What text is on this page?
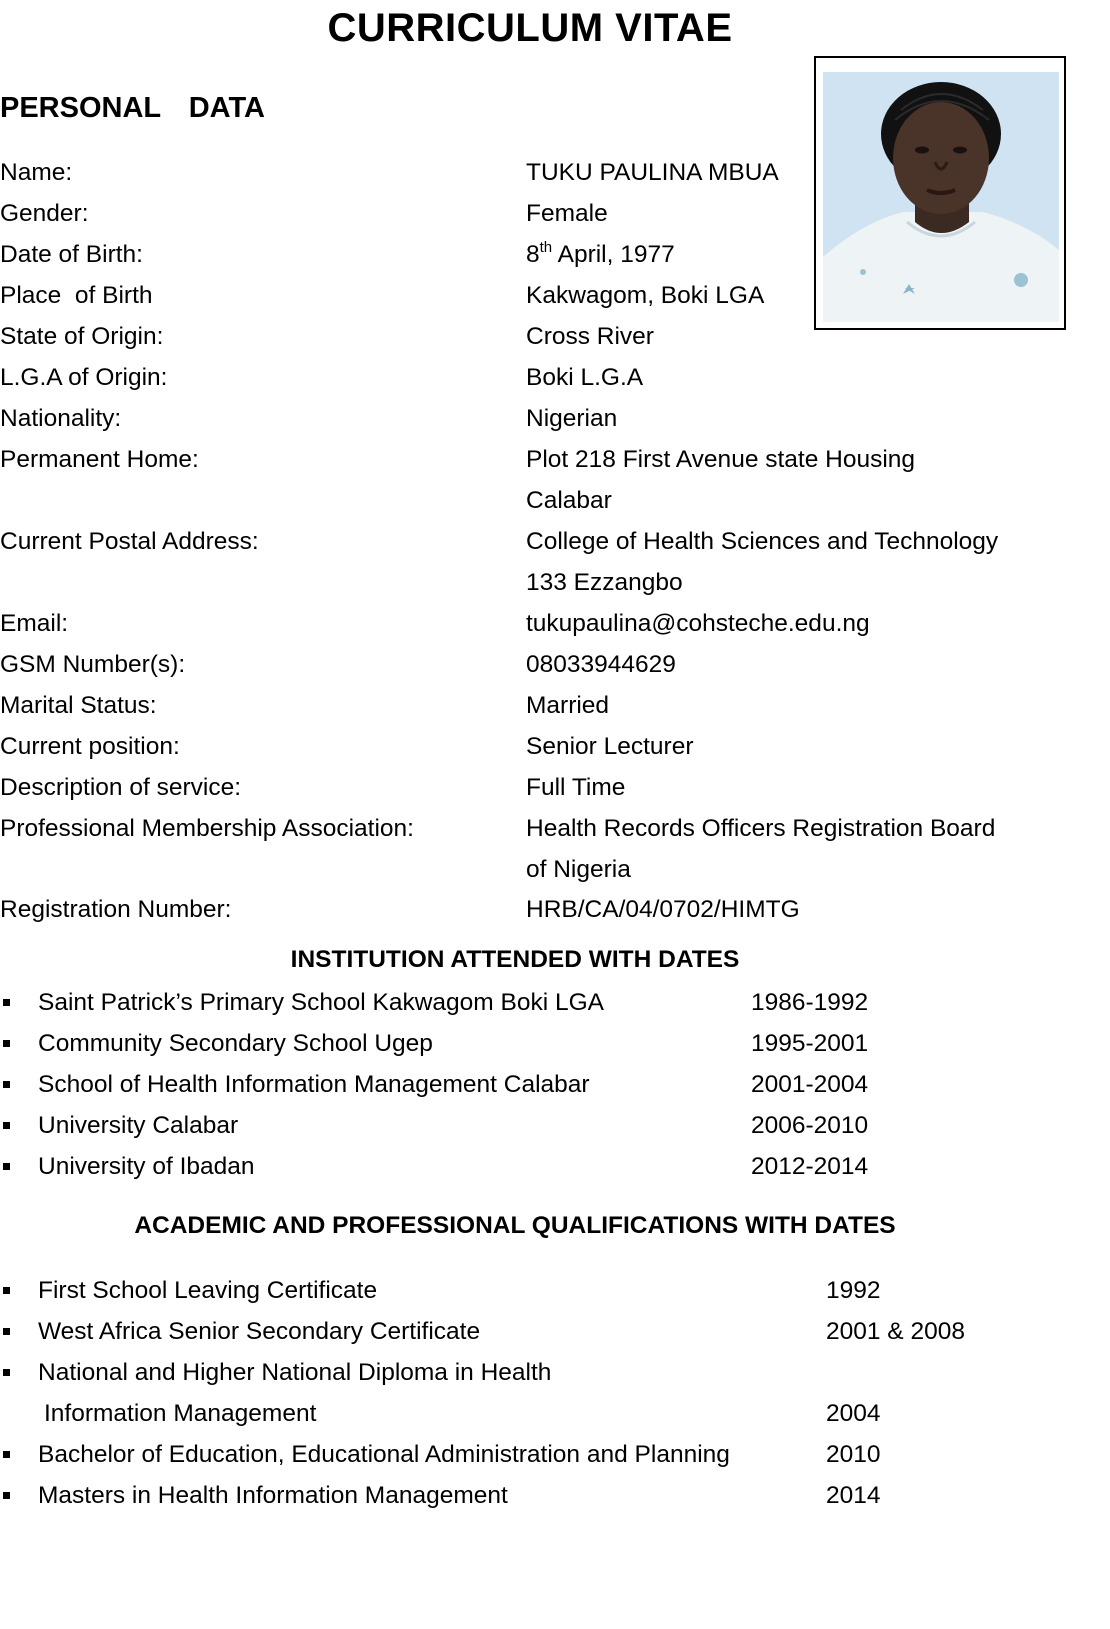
CURRICULUM VITAE
PERSONAL  DATA
Name:	TUKU PAULINA MBUA
Gender:	Female
Date of Birth:	8th April, 1977
Place  of Birth	Kakwagom, Boki LGA
State of Origin:	Cross River
L.G.A of Origin:	Boki L.G.A
Nationality:	Nigerian
Permanent Home:	Plot 218 First Avenue state Housing
Calabar
Current Postal Address:	College of Health Sciences and Technology
133 Ezzangbo
Email:	tukupaulina@cohsteche.edu.ng
GSM Number(s):	08033944629
Marital Status:	Married
Current position:	Senior Lecturer
Description of service:	Full Time
Professional Membership Association:	Health Records Officers Registration Board
of Nigeria
Registration Number:	HRB/CA/04/0702/HIMTG
INSTITUTION ATTENDED WITH DATES
Saint Patrick’s Primary School Kakwagom Boki LGA	1986-1992
Community Secondary School Ugep	1995-2001
School of Health Information Management Calabar	2001-2004
University Calabar	2006-2010
University of Ibadan	2012-2014
ACADEMIC AND PROFESSIONAL QUALIFICATIONS WITH DATES
First School Leaving Certificate	1992
West Africa Senior Secondary Certificate	2001 & 2008
National and Higher National Diploma in Health
Information Management	2004
Bachelor of Education, Educational Administration and Planning	2010
Masters in Health Information Management	2014
